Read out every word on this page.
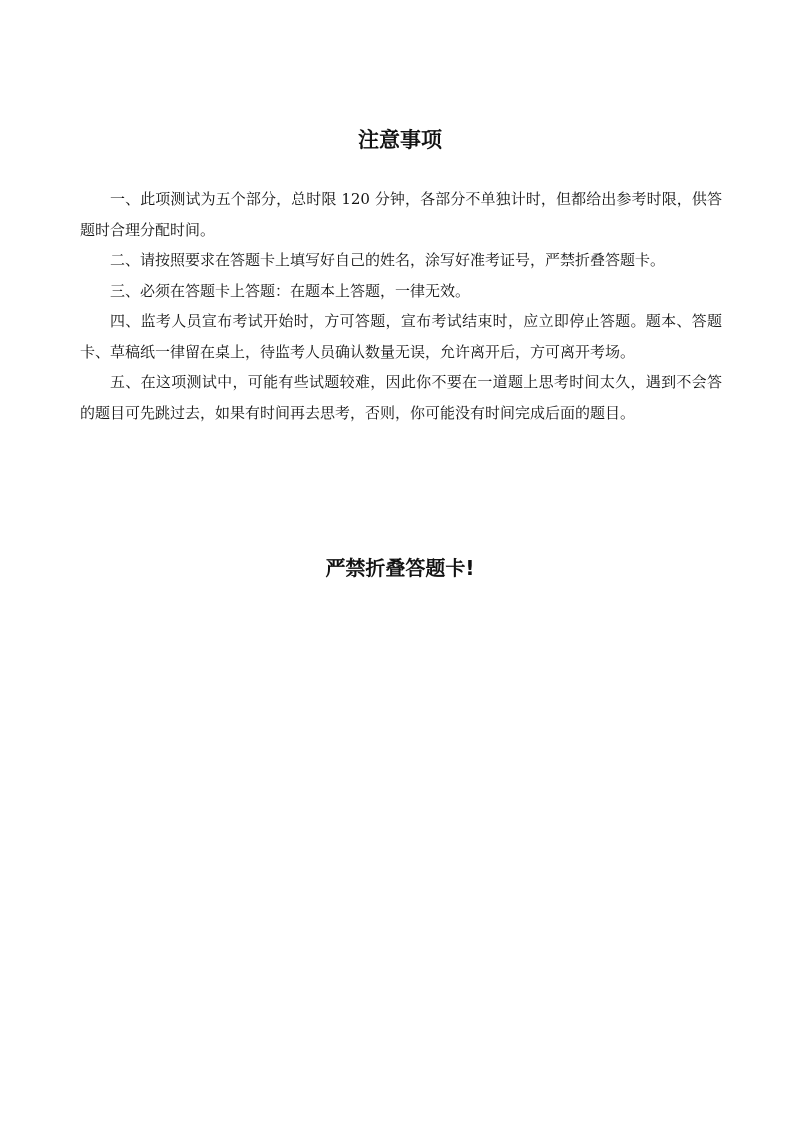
注意事项

一、此项测试为五个部分，总时限 120 分钟，各部分不单独计时，但都给出参考时限，供答题时合理分配时间。

二、请按照要求在答题卡上填写好自己的姓名，涂写好准考证号，严禁折叠答题卡。

三、必须在答题卡上答题：在题本上答题，一律无效。

四、监考人员宣布考试开始时，方可答题，宣布考试结束时，应立即停止答题。题本、答题卡、草稿纸一律留在桌上，待监考人员确认数量无误，允许离开后，方可离开考场。

五、在这项测试中，可能有些试题较难，因此你不要在一道题上思考时间太久，遇到不会答的题目可先跳过去，如果有时间再去思考，否则，你可能没有时间完成后面的题目。

严禁折叠答题卡!
